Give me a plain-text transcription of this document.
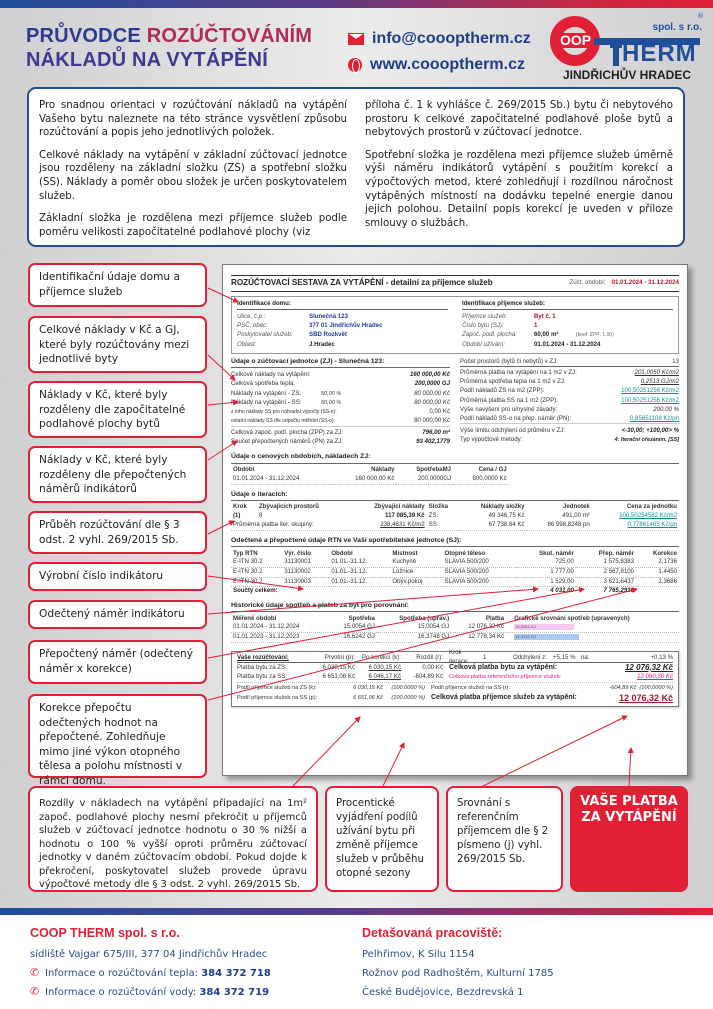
PRŮVODCE ROZÚČTOVÁNÍM
NÁKLADŮ NA VYTÁPĚNÍ
info@coooptherm.cz
www.coooptherm.cz
OOP	HERM
spol. s r.o.
®
JINDŘICHŮV HRADEC

Pro snadnou orientaci v rozúčtování nákladů na vytápění Vašeho bytu naleznete na této stránce vysvětlení způsobu rozúčtování a popis jeho jednotlivých položek.

Celkové náklady na vytápění v základní zúčtovací jednotce jsou rozděleny na základní složku (ZS) a spotřební složku (SS). Náklady a poměr obou složek je určen poskytovatelem služeb.

Základní složka je rozdělena mezi příjemce služeb podle poměru velikosti započitatelné podlahové plochy (viz

příloha č. 1 k vyhlášce č. 269/2015 Sb.) bytu či nebytového prostoru k celkové započitatelné podlahové ploše bytů a nebytových prostorů v zúčtovací jednotce.

Spotřební složka je rozdělena mezi příjemce služeb úměrně výši náměru indikátorů vytápění s použitím korekcí a výpočtových metod, které zohledňují i rozdílnou náročnost vytápěných místností na dodávku tepelné energie danou jejich polohou. Detailní popis korekcí je uveden v příloze smlouvy o službách.

Identifikační údaje domu a příjemce služeb
Celkové náklady v Kč a GJ, které byly rozúčtovány mezi jednotlivé byty
Náklady v Kč, které byly rozděleny dle započitatelné podlahové plochy bytů
Náklady v Kč, které byly rozděleny dle přepočtených náměrů indikátorů
Průběh rozúčtování dle § 3 odst. 2 vyhl. 269/2015 Sb.
Výrobní číslo indikátoru
Odečtený náměr indikátoru
Přepočtený náměr (odečtený náměr x korekce)
Korekce přepočtu odečtených hodnot na přepočtené. Zohledňuje mimo jiné výkon otopného tělesa a polohu místnosti v rámci domu.
ROZÚČTOVACÍ SESTAVA ZA VYTÁPĚNÍ - detailní za příjemce služeb	Zúčt. období: 01.01.2024 - 31.12.2024
Identifikace domu:
Ulice, č.p.:	Slunečná 123
PSČ, obec:	377 01 Jindřichův Hradec
Poskytovatel služeb:	SBD Rozkvět
Oblast:	J.Hradec
Identifikace příjemce služeb:
Příjemce služeb:	Byt č. 1
Číslo bytu (SJ):	1
Započ. podl. plocha:	60,00 m²	(koef. ZPP: 1,00)
Období užívání:	01.01.2024 - 31.12.2024
Údaje o zúčtovací jednotce (ZJ) - Slunečná 123:
Celkové náklady na vytápění:	160 000,00 Kč
Celková spotřeba tepla:	200,0000 GJ
Náklady na vytápění - ZS:	50,00 %	80 000,00 Kč
Náklady na vytápění - SS:	50,00 %	80 000,00 Kč
z toho náklady SS pro náhradní výpočty (SS-n):	0,00 Kč
ostatní náklady SS dle odpočtu měřidel (SS-o):	80 000,00 Kč
Celková započ. podl. plocha (ZPP) za ZJ:	796,00 m²
Součet přepočtených náměrů (PN) za ZJ:	93 402,1779
Počet prostorů (bytů či nebytů) v ZJ:	13
Průměrná platba na vytápění na 1 m2 v ZJ:	201,0050 Kč/m2
Průměrná spotřeba tepla na 1 m2 v ZJ:	0,2513 GJ/m2
Podíl nákladů ZS na m2 (ZPP):	100,50251256 Kč/m2
Průměrná platba SS na 1 m2 (ZPP):	100,50251256 Kč/m2
Výše navýšení pro úmyslné závady:	200,00 %
Podíl nákladů SS-o na přep. náměr (PN):	0,85651108 Kč/pn
Výše limitu odchýlení od průměru v ZJ:	<-30,00; +100,00> %
Typ výpočtové metody:	4: Iterační ořezáním, [SS]
Údaje o cenových obdobích, nákladech ZJ:
Období	Náklady	SpotřebaMJ	Cena / GJ
01.01.2024 - 31.12.2024	160 000,00 Kč	200,0000GJ	800,0000 Kč
Údaje o iteracích:
Krok	Zbývajících prostorů	Zbývající náklady	Složka	Náklady složky	Jednotek	Cena za jednotku
(1)	8	117 085,39 Kč	ZS:	49 346,75 Kč	491,00 m²	100,50254582 Kč/m2
Průměrná platba iter. skupiny:		238,4631 Kč/m2	SS:	67 738,64 Kč	86 998,8248 pn	0,77861465 Kč/pn
Odečtené a přepočtené údaje RTN ve Vaší spotřebitelské jednotce (SJ):
Typ RTN	Výr. číslo	Období	Místnost	Otopné těleso	Skut. náměr	Přep. náměr	Korekce
E-ITN 30.2	31130001	01.01.-31.12.	Kuchyně	SLAVIA 500/200	725,00	1 575,8383	2,1736
E-ITN 30.2	31130002	01.01.-31.12.	Ložnice	SLAVIA 500/200	1 777,00	2 567,8100	1,4450
E-ITN 30.2	31130003	01.01.-31.12.	Obýv.pokoj	SLAVIA 500/200	1 529,00	3 621,6437	2,3686
Součty celkem:					4 031,00	7 765,2930	
Historické údaje spotřeb a plateb za byt pro porovnání:
Měřené období	Spotřeba	Spotřeba (uprav.)	Platba	Grafické srovnání spotřeb (upravených)
01.01.2024 - 31.12.2024	15,0054 GJ	15,0054 GJ	12 076,32 Kč	15,0054 GJ
01.01.2023 - 31.12.2023	16,6242 GJ	16,3748 GJ	12 778,34 Kč	16,3748 GJ
Vaše rozúčtování:	Prvotní (p):	Po korekci (k):	Rozdíl (r):
Krok iterace:
1	Odchýlení z:	+5,15 % na:	+0,13 %
Platba bytu za ZS:	6 030,15 Kč	6 030,15 Kč	0,00 Kč Celková platba bytu za vytápění:	12 076,32 Kč
Platba bytu za SS:	6 651,06 Kč	6 046,17 Kč	-604,89 Kč	Celková platba referenčního příjemce služeb:	12 060,30 Kč
Podíl příjemce služeb na ZS (k):	6 030,15 Kč	(100,0000 %)	Podíl příjemce služeb na SS (r):	-604,89 Kč (100,0000 %)
Podíl příjemce služeb na SS (p):	6 651,06 Kč	(100,0000 %) Celková platba příjemce služeb za vytápění:	12 076,32 Kč
Rozdíly v nákladech na vytápění připadající na 1m² započ. podlahové plochy nesmí překročit u příjemců služeb v zúčtovací jednotce hodnotu o 30 % nižší a hodnotu o 100 % vyšší oproti průměru zúčtovací jednotky v daném zúčtovacím období. Pokud dojde k překročení, poskytovatel služeb provede úpravu výpočtové metody dle § 3 odst. 2 vyhl. 269/2015 Sb.
Procentické vyjádření podílů užívání bytu při změně příjemce služeb v průběhu otopné sezony
Srovnání s referenčním příjemcem dle § 2 písmeno (j) vyhl. 269/2015 Sb.
VAŠE PLATBA ZA VYTÁPĚNÍ
COOP THERM spol. s r.o.
sídliště Vajgar 675/III, 377 04 Jindřichův Hradec
✆ Informace o rozúčtování tepla: 384 372 718
✆ Informace o rozúčtování vody: 384 372 719
Detašovaná pracoviště:
Pelhřimov, K Silu 1154
Rožnov pod Radhoštěm, Kulturní 1785
České Budějovice, Bezdrevská 1
